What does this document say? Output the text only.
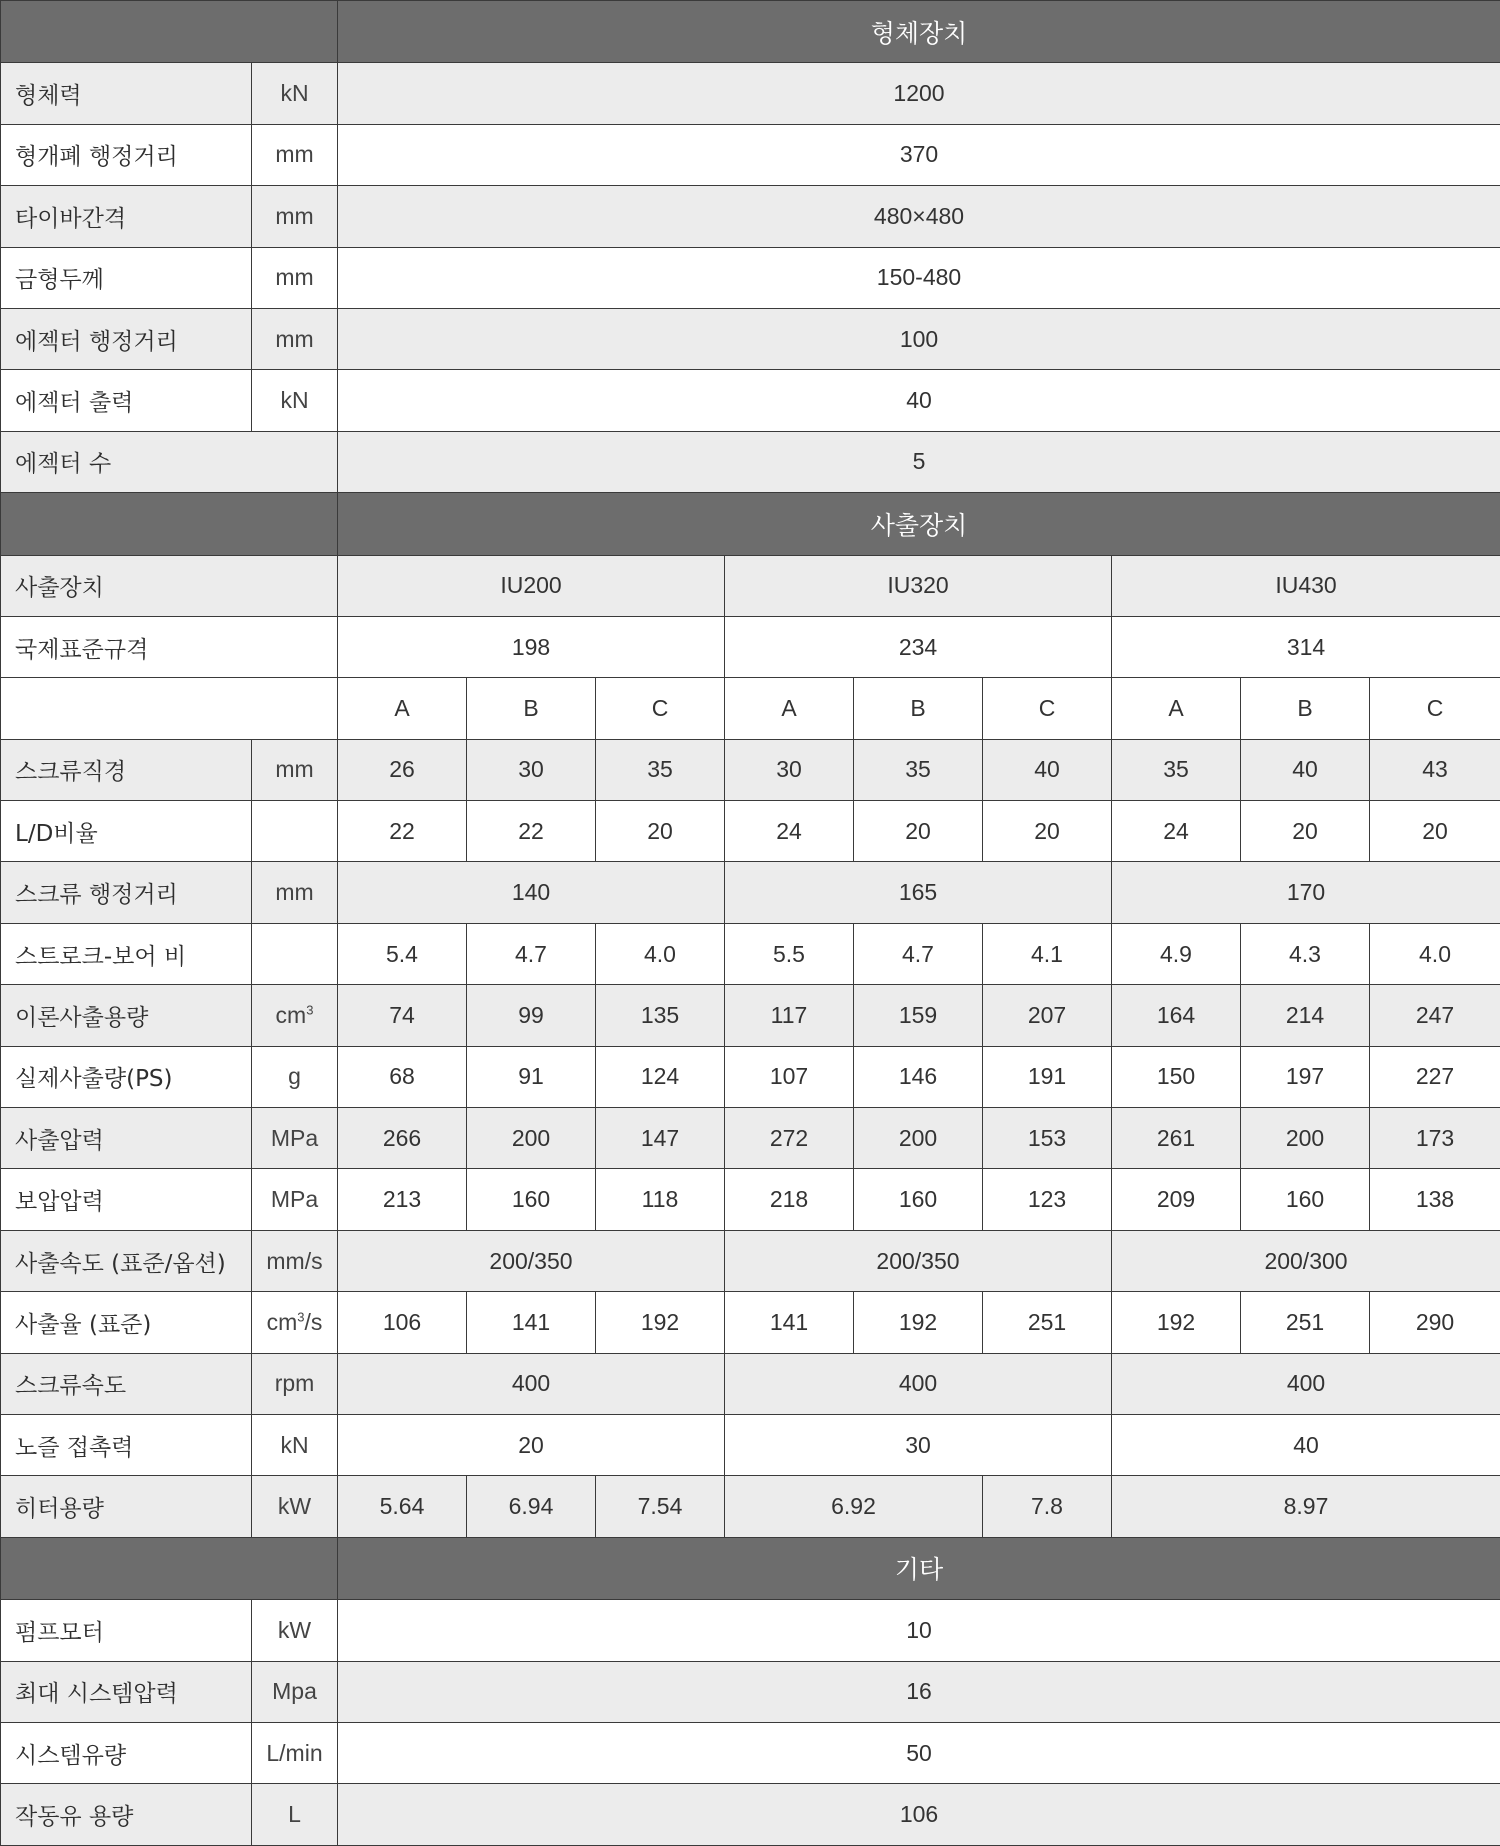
		형체장치								
형체력	kN	1200								
형개폐 행정거리	mm	370								
타이바간격	mm	480×480								
금형두께	mm	150-480								
에젝터 행정거리	mm	100								
에젝터 출력	kN	40								
에젝터 수		5								
		사출장치								
사출장치		IU200			IU320			IU430		
국제표준규격		198			234			314		
		A	B	C	A	B	C	A	B	C
스크류직경	mm	26	30	35	30	35	40	35	40	43
L/D비율		22	22	20	24	20	20	24	20	20
스크류 행정거리	mm	140			165			170		
스트로크-보어 비		5.4	4.7	4.0	5.5	4.7	4.1	4.9	4.3	4.0
이론사출용량	$cm^3$	74	99	135	117	159	207	164	214	247
실제사출량(PS)	g	68	91	124	107	146	191	150	197	227
사출압력	MPa	266	200	147	272	200	153	261	200	173
보압압력	MPa	213	160	118	218	160	123	209	160	138
사출속도 (표준/옵션)	mm/s	200/350			200/350			200/300		
사출율 (표준)	$cm^3/s$	106	141	192	141	192	251	192	251	290
스크류속도	rpm	400			400			400		
노즐 접촉력	kN	20			30			40		
히터용량	kW	5.64	6.94	7.54	6.92		7.8	8.97		
		기타								
펌프모터	kW	10								
최대 시스템압력	Mpa	16								
시스템유량	L/min	50								
작동유 용량	L	106								
